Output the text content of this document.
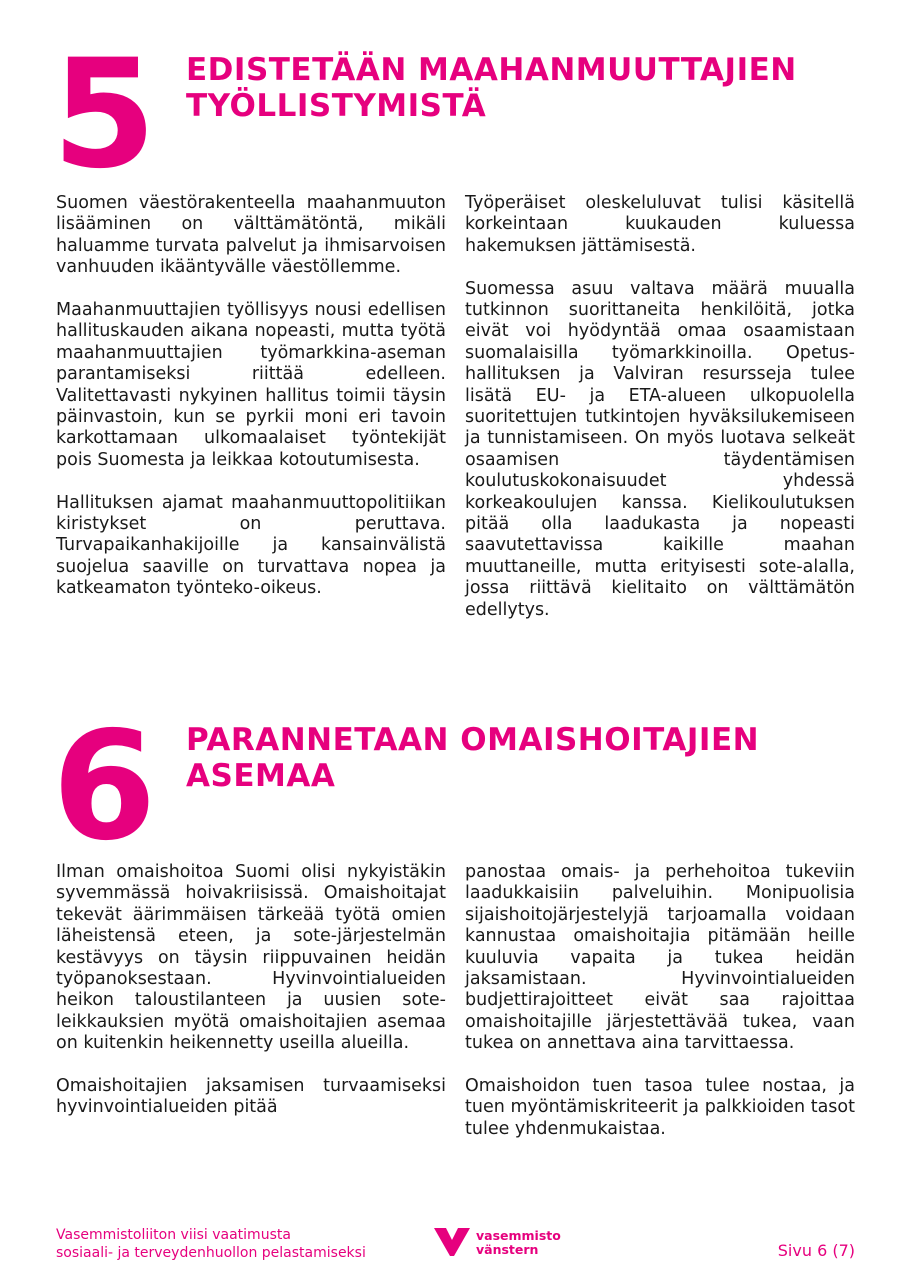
5 EDISTETÄÄN MAAHANMUUTTAJIEN
TYÖLLISTYMISTÄ

Suomen väestörakenteella maahanmuuton lisääminen on välttämätöntä, mikäli haluamme turvata palvelut ja ihmisarvoisen vanhuuden ikääntyvälle väestöllemme.

Maahanmuuttajien työllisyys nousi edellisen hallituskauden aikana nopeasti, mutta työtä maahanmuuttajien työmarkkina-aseman parantamiseksi riittää edelleen. Valitettavasti nykyinen hallitus toimii täysin päinvastoin, kun se pyrkii moni eri tavoin karkottamaan ulkomaalaiset työntekijät pois Suomesta ja leikkaa kotoutumisesta.

Hallituksen ajamat maahanmuuttopolitiikan kiristykset on peruttava. Turvapaikanhakijoille ja kansainvälistä suojelua saaville on turvattava nopea ja katkeamaton työnteko-oikeus.

Työperäiset oleskeluluvat tulisi käsitellä korkeintaan kuukauden kuluessa hakemuksen jättämisestä.

Suomessa asuu valtava määrä muualla tutkinnon suorittaneita henkilöitä, jotka eivät voi hyödyntää omaa osaamistaan suomalaisilla työmarkkinoilla. Opetushallituksen ja Valviran resursseja tulee lisätä EU- ja ETA-alueen ulkopuolella suoritettujen tutkintojen hyväksilukemiseen ja tunnistamiseen. On myös luotava selkeät osaamisen täydentämisen koulutuskokonaisuudet yhdessä korkeakoulujen kanssa. Kielikoulutuksen pitää olla laadukasta ja nopeasti saavutettavissa kaikille maahan muuttaneille, mutta erityisesti sote-alalla, jossa riittävä kielitaito on välttämätön edellytys.

6 PARANNETAAN OMAISHOITAJIEN
ASEMAA

Ilman omaishoitoa Suomi olisi nykyistäkin syvemmässä hoivakriisissä. Omaishoitajat tekevät äärimmäisen tärkeää työtä omien läheistensä eteen, ja sote-järjestelmän kestävyys on täysin riippuvainen heidän työpanoksestaan. Hyvinvointialueiden heikon taloustilanteen ja uusien soteleikkauksien myötä omaishoitajien asemaa on kuitenkin heikennetty useilla alueilla.

Omaishoitajien jaksamisen turvaamiseksi hyvinvointialueiden pitää

panostaa omais- ja perhehoitoa tukeviin laadukkaisiin palveluihin. Monipuolisia sijaishoitojärjestelyjä tarjoamalla voidaan kannustaa omaishoitajia pitämään heille kuuluvia vapaita ja tukea heidän jaksamistaan. Hyvinvointialueiden budjettirajoitteet eivät saa rajoittaa omaishoitajille järjestettävää tukea, vaan tukea on annettava aina tarvittaessa.

Omaishoidon tuen tasoa tulee nostaa, ja tuen myöntämiskriteerit ja palkkioiden tasot tulee yhdenmukaistaa.

Vasemmistoliiton viisi vaatimusta
sosiaali- ja terveydenhuollon pelastamiseksi
vasemmisto
vänstern	Sivu 6 (7)
